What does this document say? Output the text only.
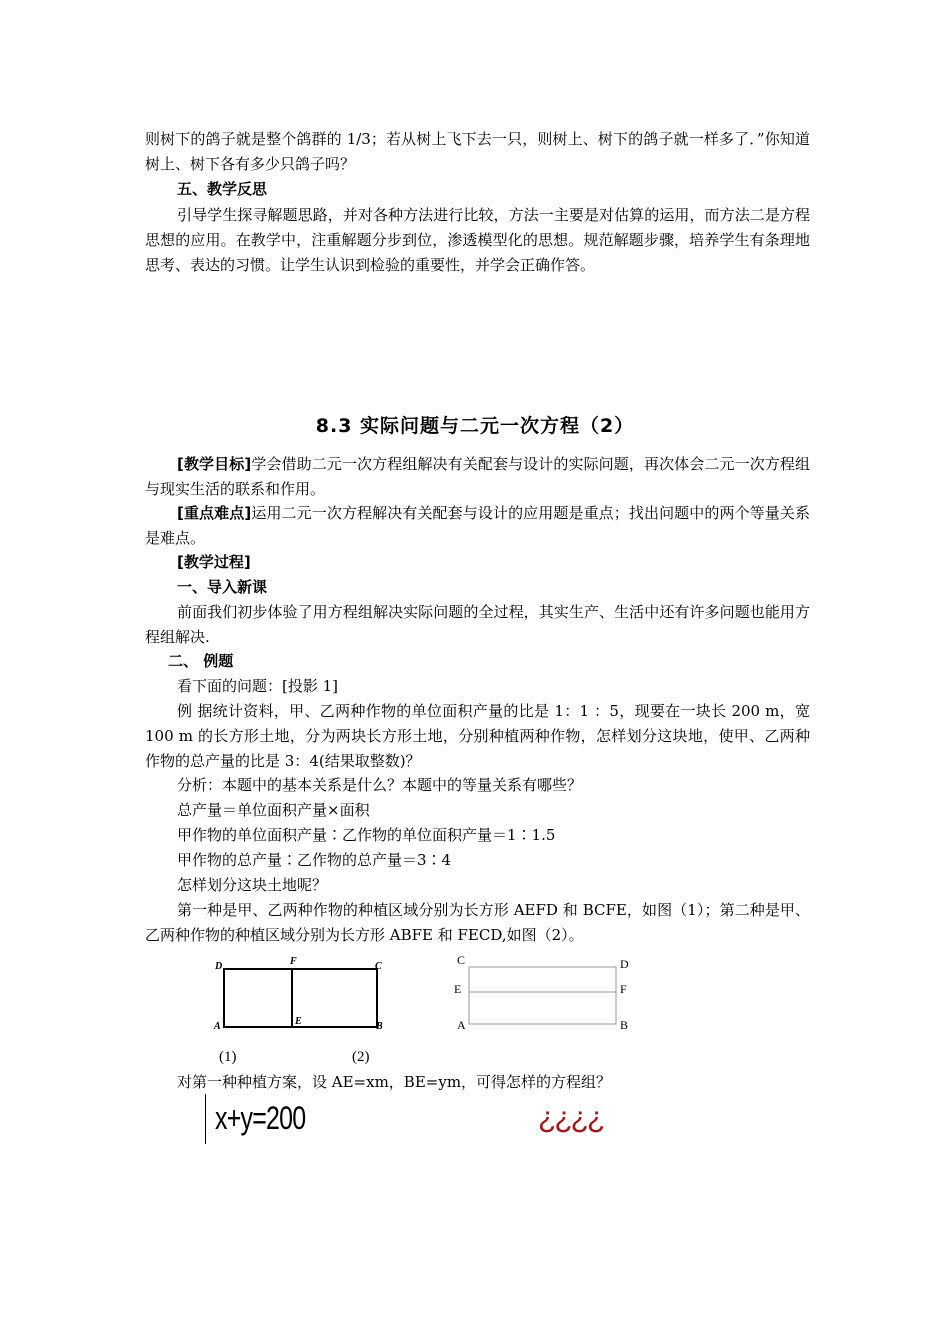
则树下的鸽子就是整个鸽群的 1/3；若从树上飞下去一只，则树上、树下的鸽子就一样多了．”你知道树上、树下各有多少只鸽子吗？

五、教学反思

引导学生探寻解题思路，并对各种方法进行比较，方法一主要是对估算的运用，而方法二是方程思想的应用。在教学中，注重解题分步到位，渗透模型化的思想。规范解题步骤，培养学生有条理地思考、表达的习惯。让学生认识到检验的重要性，并学会正确作答。

8.3 实际问题与二元一次方程（2）

[教学目标]学会借助二元一次方程组解决有关配套与设计的实际问题，再次体会二元一次方程组与现实生活的联系和作用。

[重点难点]运用二元一次方程解决有关配套与设计的应用题是重点；找出问题中的两个等量关系是难点。

[教学过程]

一、导入新课

前面我们初步体验了用方程组解决实际问题的全过程，其实生产、生活中还有许多问题也能用方程组解决.

二、 例题

看下面的问题：[投影 1]

例 据统计资料，甲、乙两种作物的单位面积产量的比是 1：1 ：5，现要在一块长 200 m，宽 100 m 的长方形土地，分为两块长方形土地，分别种植两种作物，怎样划分这块地，使甲、乙两种作物的总产量的比是 3：4(结果取整数)？

分析：本题中的基本关系是什么？本题中的等量关系有哪些？

总产量＝单位面积产量×面积

甲作物的单位面积产量∶乙作物的单位面积产量＝1∶1.5

甲作物的总产量∶乙作物的总产量＝3∶4

怎样划分这块土地呢？

第一种是甲、乙两种作物的种植区域分别为长方形 AEFD 和 BCFE，如图（1）；第二种是甲、乙两种作物的种植区域分别为长方形 ABFE 和 FECD,如图（2）。

D	F	C
A	E	B
C	D
E	F
A	B
(1)	(2)

对第一种种植方案，设 AE=xm，BE=ym，可得怎样的方程组？

x+y=200	¿¿¿¿
